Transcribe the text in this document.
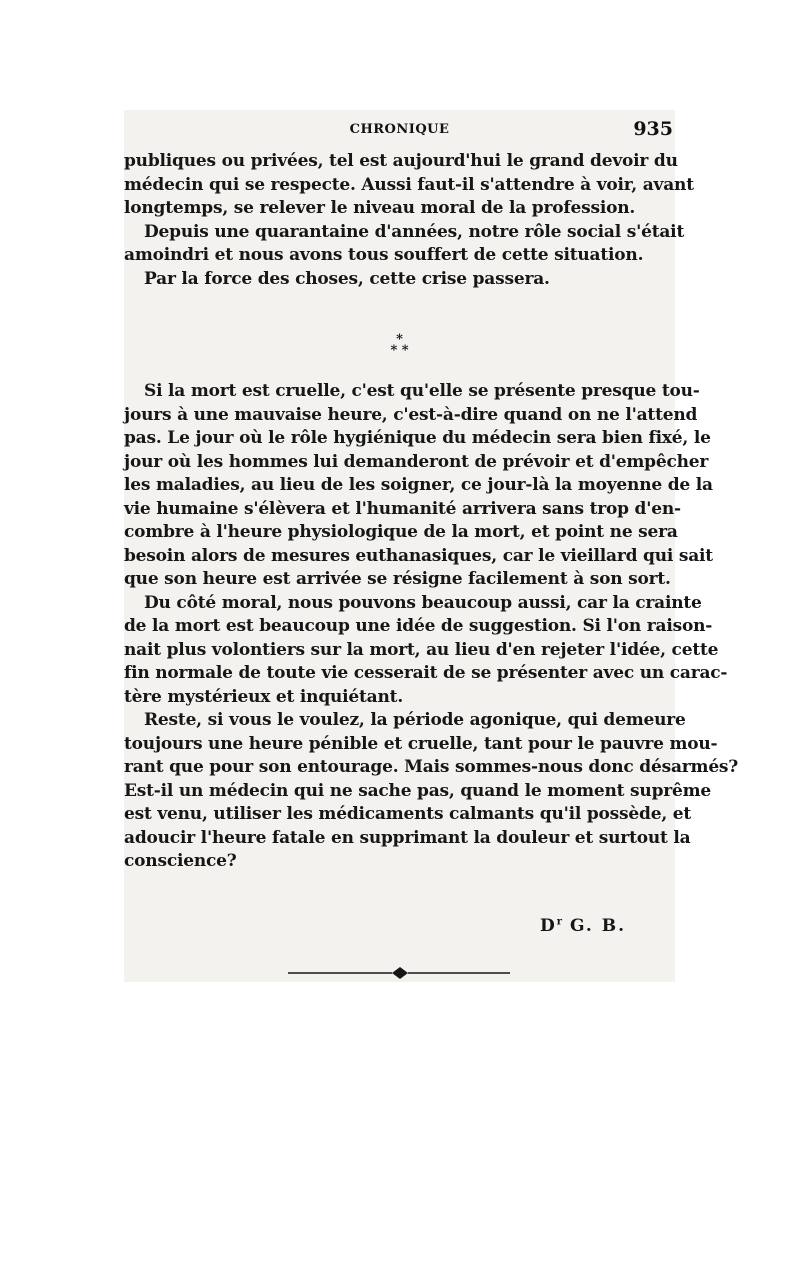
CHRONIQUE	935
publiques ou privées, tel est aujourd'hui le grand devoir du
médecin qui se respecte. Aussi faut-il s'attendre à voir, avant
longtemps, se relever le niveau moral de la profession.
Depuis une quarantaine d'années, notre rôle social s'était
amoindri et nous avons tous souffert de cette situation.
Par la force des choses, cette crise passera.
*
* *
Si la mort est cruelle, c'est qu'elle se présente presque tou-
jours à une mauvaise heure, c'est-à-dire quand on ne l'attend
pas. Le jour où le rôle hygiénique du médecin sera bien fixé, le
jour où les hommes lui demanderont de prévoir et d'empêcher
les maladies, au lieu de les soigner, ce jour-là la moyenne de la
vie humaine s'élèvera et l'humanité arrivera sans trop d'en-
combre à l'heure physiologique de la mort, et point ne sera
besoin alors de mesures euthanasiques, car le vieillard qui sait
que son heure est arrivée se résigne facilement à son sort.
Du côté moral, nous pouvons beaucoup aussi, car la crainte
de la mort est beaucoup une idée de suggestion. Si l'on raison-
nait plus volontiers sur la mort, au lieu d'en rejeter l'idée, cette
fin normale de toute vie cesserait de se présenter avec un carac-
tère mystérieux et inquiétant.
Reste, si vous le voulez, la période agonique, qui demeure
toujours une heure pénible et cruelle, tant pour le pauvre mou-
rant que pour son entourage. Mais sommes-nous donc désarmés?
Est-il un médecin qui ne sache pas, quand le moment suprême
est venu, utiliser les médicaments calmants qu'il possède, et
adoucir l'heure fatale en supprimant la douleur et surtout la
conscience?
$D^r$ G. B.
